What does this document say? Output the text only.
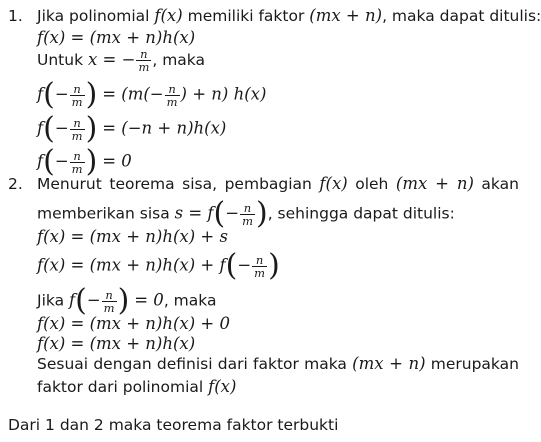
1. Jika polinomial f(x) memiliki faktor (mx + n), maka dapat ditulis:
f(x) = (mx + n)h(x)
Untuk x = − $\frac{n}{m}$ , maka
$f(- \frac{n}{m}$ ) = ($m(- \frac{n}{m}$ ) + n) h(x)
$f(- \frac{n}{m}$ ) = (−n + n)h(x)
$f(- \frac{n}{m}$ ) = 0
2. Menurut teorema sisa, pembagian f(x) oleh (mx + n) akan
memberikan sisa $s = f(- \frac{n}{m}$ ), sehingga dapat ditulis:
f(x) = (mx + n)h(x) + s
$f(x) = (mx + n)h(x) + f(- \frac{n}{m}$ )
Jika $f(- \frac{n}{m}$ ) = 0, maka
f(x) = (mx + n)h(x) + 0
f(x) = (mx + n)h(x)
Sesuai dengan definisi dari faktor maka (mx + n) merupakan
faktor dari polinomial f(x)
Dari 1 dan 2 maka teorema faktor terbukti
